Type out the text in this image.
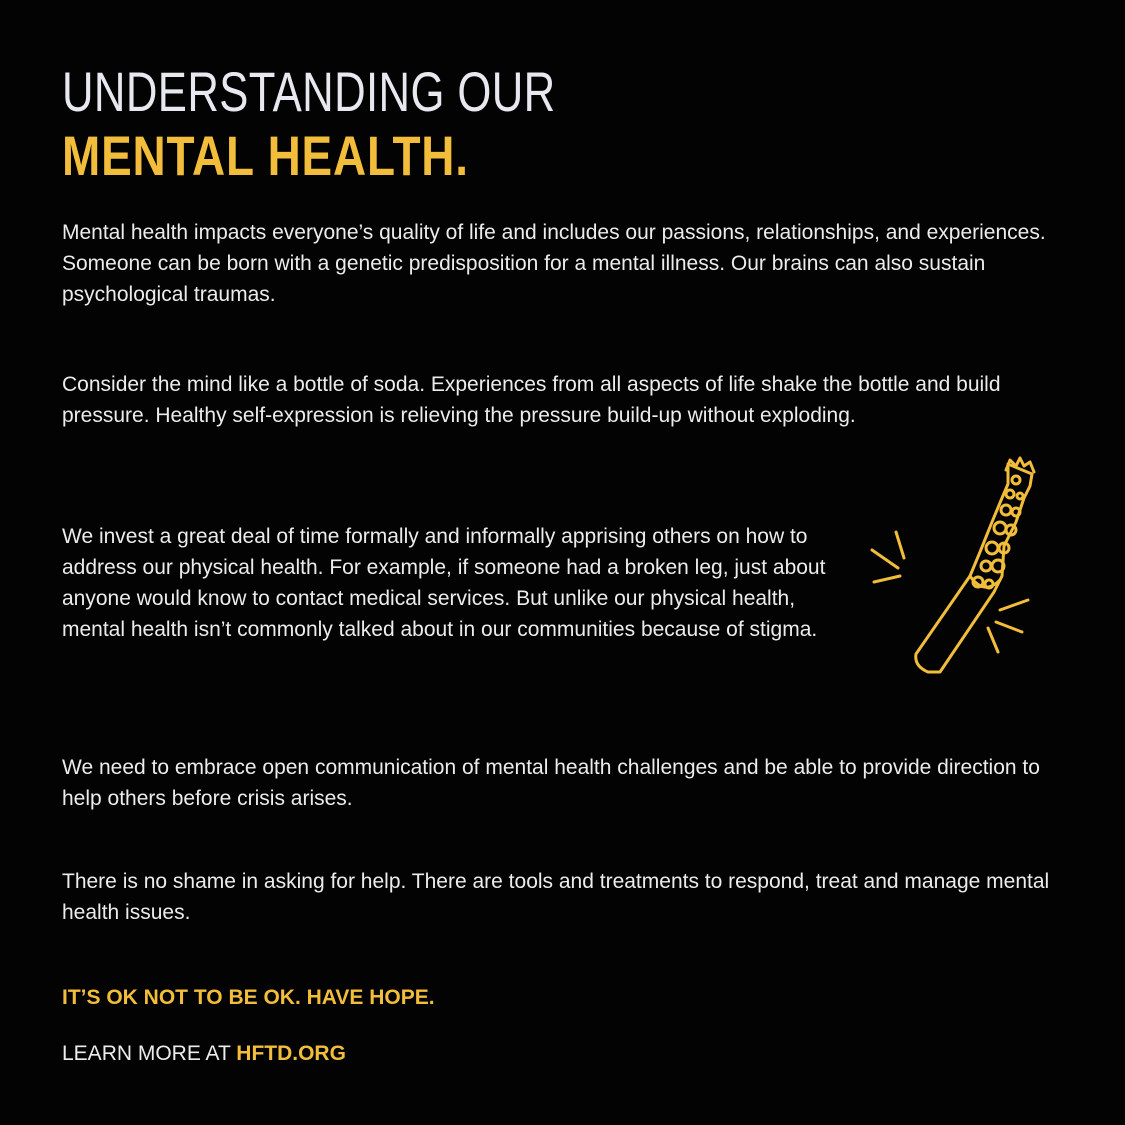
UNDERSTANDING OUR
MENTAL HEALTH.

Mental health impacts everyone’s quality of life and includes our passions, relationships, and experiences. Someone can be born with a genetic predisposition for a mental illness. Our brains can also sustain psychological traumas.

Consider the mind like a bottle of soda. Experiences from all aspects of life shake the bottle and build pressure. Healthy self-expression is relieving the pressure build-up without exploding.

We invest a great deal of time formally and informally apprising others on how to address our physical health. For example, if someone had a broken leg, just about anyone would know to contact medical services. But unlike our physical health, mental health isn’t commonly talked about in our communities because of stigma.

We need to embrace open communication of mental health challenges and be able to provide direction to help others before crisis arises.

There is no shame in asking for help. There are tools and treatments to respond, treat and manage mental health issues.

IT’S OK NOT TO BE OK. HAVE HOPE.

LEARN MORE AT HFTD.ORG
